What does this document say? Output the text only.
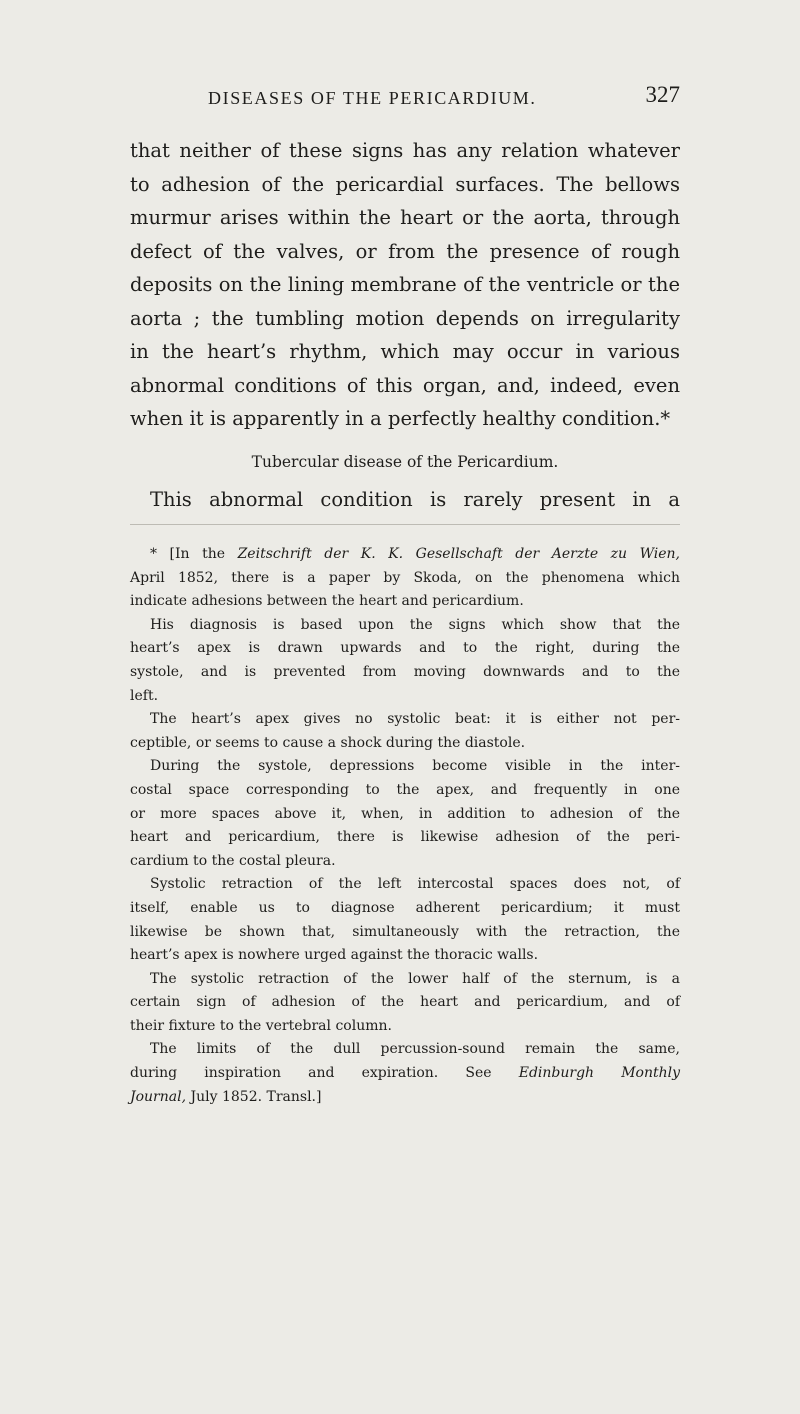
DISEASES OF THE PERICARDIUM.	327
that neither of these signs has any relation whatever
to adhesion of the pericardial surfaces. The bellows
murmur arises within the heart or the aorta, through
defect of the valves, or from the presence of rough
deposits on the lining membrane of the ventricle or the
aorta ; the tumbling motion depends on irregularity
in the heart’s rhythm, which may occur in various
abnormal conditions of this organ, and, indeed, even
when it is apparently in a perfectly healthy condition.*
Tubercular disease of the Pericardium.
This abnormal condition is rarely present in a
* [In the Zeitschrift der K. K. Gesellschaft der Aerzte zu Wien,
April 1852, there is a paper by Skoda, on the phenomena which
indicate adhesions between the heart and pericardium.
His diagnosis is based upon the signs which show that the
heart’s apex is drawn upwards and to the right, during the
systole, and is prevented from moving downwards and to the
left.
The heart’s apex gives no systolic beat: it is either not per-
ceptible, or seems to cause a shock during the diastole.
During the systole, depressions become visible in the inter-
costal space corresponding to the apex, and frequently in one
or more spaces above it, when, in addition to adhesion of the
heart and pericardium, there is likewise adhesion of the peri-
cardium to the costal pleura.
Systolic retraction of the left intercostal spaces does not, of
itself, enable us to diagnose adherent pericardium; it must
likewise be shown that, simultaneously with the retraction, the
heart’s apex is nowhere urged against the thoracic walls.
The systolic retraction of the lower half of the sternum, is a
certain sign of adhesion of the heart and pericardium, and of
their fixture to the vertebral column.
The limits of the dull percussion-sound remain the same,
during inspiration and expiration. See Edinburgh Monthly
Journal, July 1852. Transl.]
